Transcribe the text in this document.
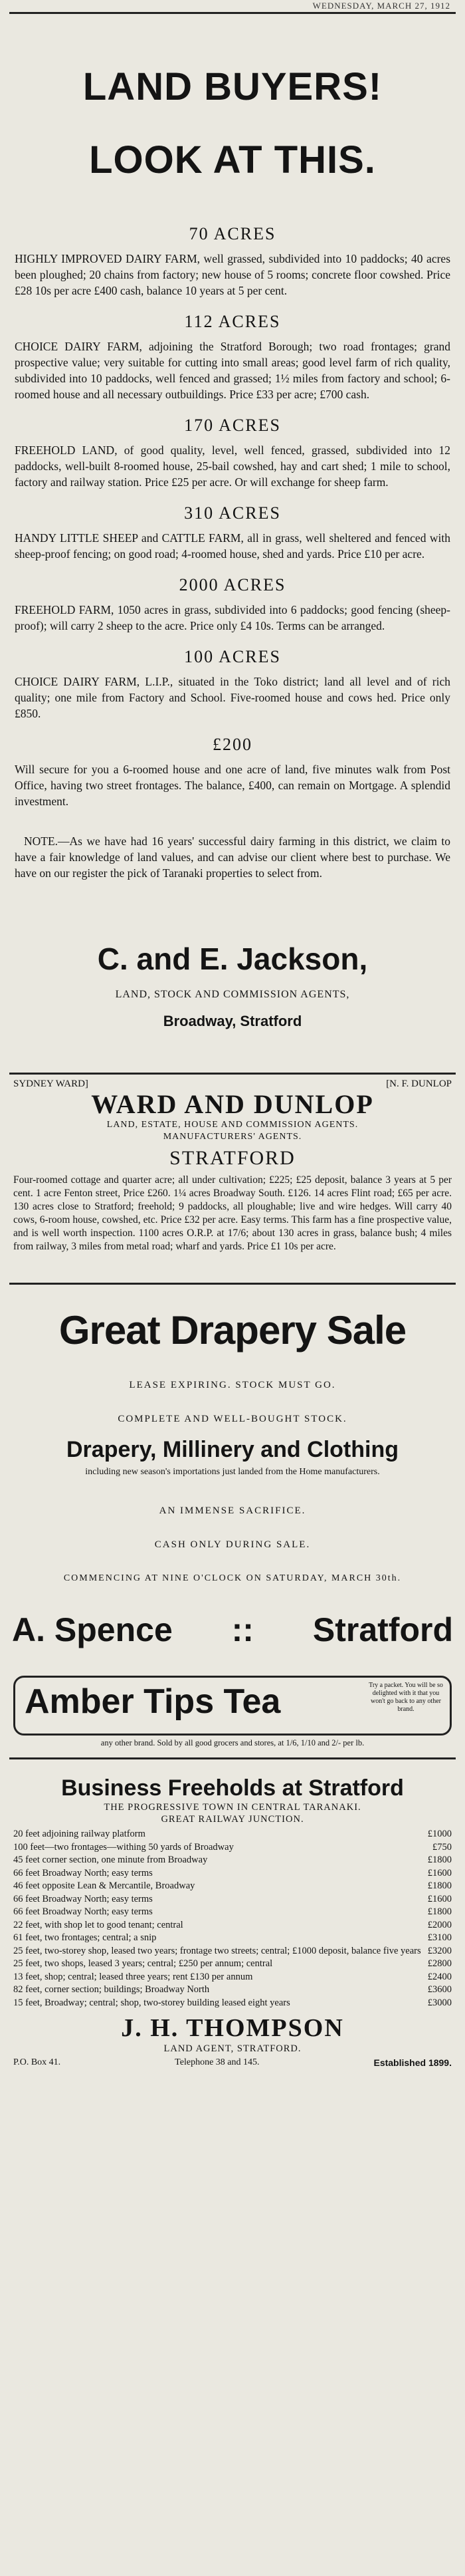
WEDNESDAY, MARCH 27, 1912
LAND BUYERS!
LOOK AT THIS.
70 ACRES
HIGHLY IMPROVED DAIRY FARM, well grassed, subdivided into 10 paddocks; 40 acres been ploughed; 20 chains from factory; new house of 5 rooms; concrete floor cowshed. Price £28 10s per acre £400 cash, balance 10 years at 5 per cent.
112 ACRES
CHOICE DAIRY FARM, adjoining the Stratford Borough; two road frontages; grand prospective value; very suitable for cutting into small areas; good level farm of rich quality, subdivided into 10 paddocks, well fenced and grassed; 1½ miles from factory and school; 6-roomed house and all necessary outbuildings. Price £33 per acre; £700 cash.
170 ACRES
FREEHOLD LAND, of good quality, level, well fenced, grassed, subdivided into 12 paddocks, well-built 8-roomed house, 25-bail cowshed, hay and cart shed; 1 mile to school, factory and railway station. Price £25 per acre. Or will exchange for sheep farm.
310 ACRES
HANDY LITTLE SHEEP and CATTLE FARM, all in grass, well sheltered and fenced with sheep-proof fencing; on good road; 4-roomed house, shed and yards. Price £10 per acre.
2000 ACRES
FREEHOLD FARM, 1050 acres in grass, subdivided into 6 paddocks; good fencing (sheep-proof); will carry 2 sheep to the acre. Price only £4 10s. Terms can be arranged.
100 ACRES
CHOICE DAIRY FARM, L.I.P., situated in the Toko district; land all level and of rich quality; one mile from Factory and School. Five-roomed house and cows hed. Price only £850.
£200
Will secure for you a 6-roomed house and one acre of land, five minutes walk from Post Office, having two street frontages. The balance, £400, can remain on Mortgage. A splendid investment.
NOTE.—As we have had 16 years' successful dairy farming in this district, we claim to have a fair knowledge of land values, and can advise our client where best to purchase. We have on our register the pick of Taranaki properties to select from.
C. and E. Jackson,
LAND, STOCK AND COMMISSION AGENTS,
Broadway, Stratford
SYDNEY WARD]	[N. F. DUNLOP
WARD AND DUNLOP
LAND, ESTATE, HOUSE AND COMMISSION AGENTS.
MANUFACTURERS' AGENTS.
STRATFORD
Four-roomed cottage and quarter acre; all under cultivation; £225; £25 deposit, balance 3 years at 5 per cent. 1 acre Fenton street, Price £260. 1¼ acres Broadway South. £126. 14 acres Flint road; £65 per acre. 130 acres close to Stratford; freehold; 9 paddocks, all ploughable; live and wire hedges. Will carry 40 cows, 6-room house, cowshed, etc. Price £32 per acre. Easy terms. This farm has a fine prospective value, and is well worth inspection. 1100 acres O.R.P. at 17/6; about 130 acres in grass, balance bush; 4 miles from railway, 3 miles from metal road; wharf and yards. Price £1 10s per acre.
Great Drapery Sale
LEASE EXPIRING. STOCK MUST GO.
COMPLETE AND WELL-BOUGHT STOCK.
Drapery, Millinery and Clothing
including new season's importations just landed from the Home manufacturers.
AN IMMENSE SACRIFICE.
CASH ONLY DURING SALE.
COMMENCING AT NINE O'CLOCK ON SATURDAY, MARCH 30th.
A. Spence :: Stratford
Amber Tips Tea	Try a packet. You will be so delighted with it that you won't go back to any other brand.
any other brand. Sold by all good grocers and stores, at 1/6, 1/10 and 2/- per lb.
Business Freeholds at Stratford
THE PROGRESSIVE TOWN IN CENTRAL TARANAKI.
GREAT RAILWAY JUNCTION.
20 feet adjoining railway platform	£1000
100 feet—two frontages—withing 50 yards of Broadway	£750
45 feet corner section, one minute from Broadway	£1800
66 feet Broadway North; easy terms	£1600
46 feet opposite Lean & Mercantile, Broadway	£1800
66 feet Broadway North; easy terms	£1600
66 feet Broadway North; easy terms	£1800
22 feet, with shop let to good tenant; central	£2000
61 feet, two frontages; central; a snip	£3100
25 feet, two-storey shop, leased two years; frontage two streets; central; £1000 deposit, balance five years £3200
25 feet, two shops, leased 3 years; central; £250 per annum; central	£2800
13 feet, shop; central; leased three years; rent £130 per annum	£2400
82 feet, corner section; buildings; Broadway North	£3600
15 feet, Broadway; central; shop, two-storey building leased eight years	£3000
J. H. THOMPSON
LAND AGENT, STRATFORD.
P.O. Box 41.	Telephone 38 and 145.	Established 1899.
